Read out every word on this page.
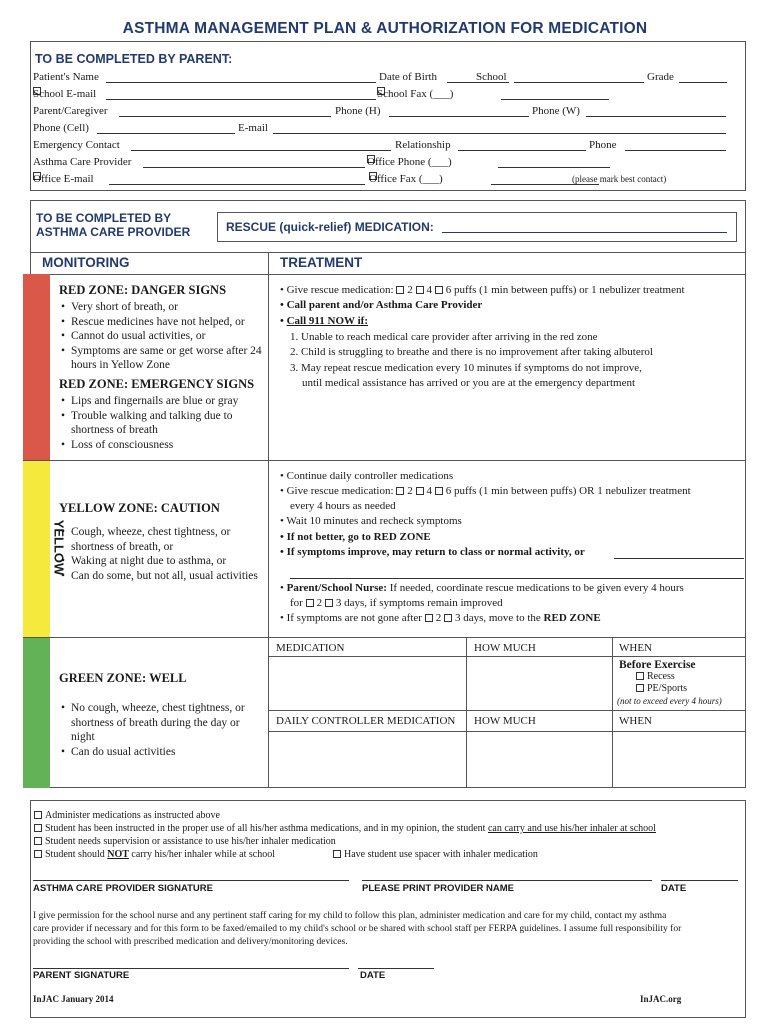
ASTHMA MANAGEMENT PLAN & AUTHORIZATION FOR MEDICATION
TO BE COMPLETED BY PARENT:
Patient's Name	Date of Birth	School	Grade
School E-mail	School Fax (___)
Parent/Caregiver	Phone (H)	Phone (W)
Phone (Cell)	E-mail
Emergency Contact	Relationship	Phone
Asthma Care Provider	Office Phone (___)
Office E-mail	Office Fax (___)	(please mark best contact)
TO BE COMPLETED BY
ASTHMA CARE PROVIDER	RESCUE (quick-relief) MEDICATION:
MONITORING	TREATMENT
RED
YELLOW
GREEN
RED ZONE: DANGER SIGNS
• Very short of breath, or
• Rescue medicines have not helped, or
• Cannot do usual activities, or
• Symptoms are same or get worse after 24 hours in Yellow Zone
RED ZONE: EMERGENCY SIGNS
• Lips and fingernails are blue or gray
• Trouble walking and talking due to shortness of breath
• Loss of consciousness
• Give rescue medication: 2 4 6 puffs (1 min between puffs) or 1 nebulizer treatment
• Call parent and/or Asthma Care Provider
• Call 911 NOW if:
1. Unable to reach medical care provider after arriving in the red zone
2. Child is struggling to breathe and there is no improvement after taking albuterol
3. May repeat rescue medication every 10 minutes if symptoms do not improve,
until medical assistance has arrived or you are at the emergency department
YELLOW ZONE: CAUTION
• Cough, wheeze, chest tightness, or shortness of breath, or
• Waking at night due to asthma, or
• Can do some, but not all, usual activities
• Continue daily controller medications
• Give rescue medication: 2 4 6 puffs (1 min between puffs) OR 1 nebulizer treatment
every 4 hours as needed
• Wait 10 minutes and recheck symptoms
• If not better, go to RED ZONE
• If symptoms improve, may return to class or normal activity, or
• Parent/School Nurse: If needed, coordinate rescue medications to be given every 4 hours
for 2 3 days, if symptoms remain improved
• If symptoms are not gone after 2 3 days, move to the RED ZONE
GREEN ZONE: WELL
• No cough, wheeze, chest tightness, or shortness of breath during the day or night
• Can do usual activities
MEDICATION	HOW MUCH	WHEN
Before Exercise
Recess
PE/Sports
(not to exceed every 4 hours)
DAILY CONTROLLER MEDICATION HOW MUCH	WHEN
Administer medications as instructed above
Student has been instructed in the proper use of all his/her asthma medications, and in my opinion, the student can carry and use his/her inhaler at school
Student needs supervision or assistance to use his/her inhaler medication
Student should NOT carry his/her inhaler while at school	Have student use spacer with inhaler medication
ASTHMA CARE PROVIDER SIGNATURE	PLEASE PRINT PROVIDER NAME	DATE
I give permission for the school nurse and any pertinent staff caring for my child to follow this plan, administer medication and care for my child, contact my asthma
care provider if necessary and for this form to be faxed/emailed to my child's school or be shared with school staff per FERPA guidelines. I assume full responsibility for
providing the school with prescribed medication and delivery/monitoring devices.
PARENT SIGNATURE	DATE
InJAC January 2014	InJAC.org
